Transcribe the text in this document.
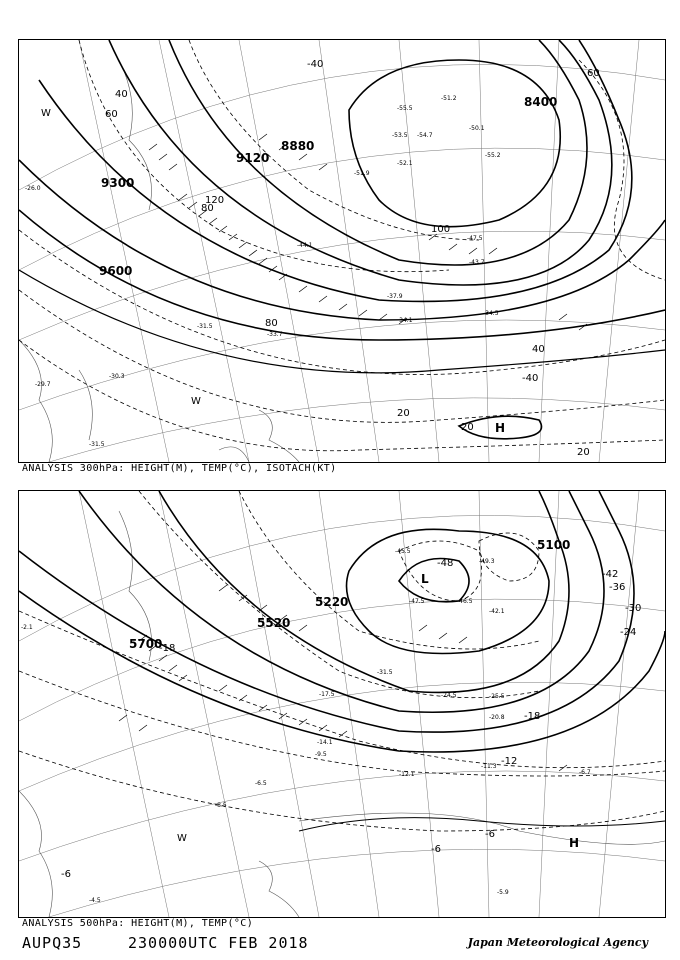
9300
9600
9120
8880
8400
40
60
80
100
120
80
60
40
20
20
20
-40
-40
H
W
W
-51.2
-55.5
-53.5 -54.7
-52.1
-55.2
-50.1
-51.9
-43.7
-47.5
-44.1
-37.9
-34.5
-34.1
-33.7
-31.5
-30.3
-31.5
-29.7
-26.0
ANALYSIS 300hPa: HEIGHT(M), TEMP(°C), ISOTACH(KT)
5700
5520
5220
5100
-48
-42
-36
-30
-24
-18
-12
-6
-18
-6
-6
L
H
W
-45.5
-47.5
-49.3
-46.5
-42.1
-31.5
-25.5
-24.5
-20.8
-17.5
-14.1
-12.1
-11.3
-9.5
-8.5
-6.5
-6.7
-5.9
-4.5
-2.1
ANALYSIS 500hPa: HEIGHT(M), TEMP(°C)
AUPQ35	230000UTC FEB 2018	Japan Meteorological Agency
